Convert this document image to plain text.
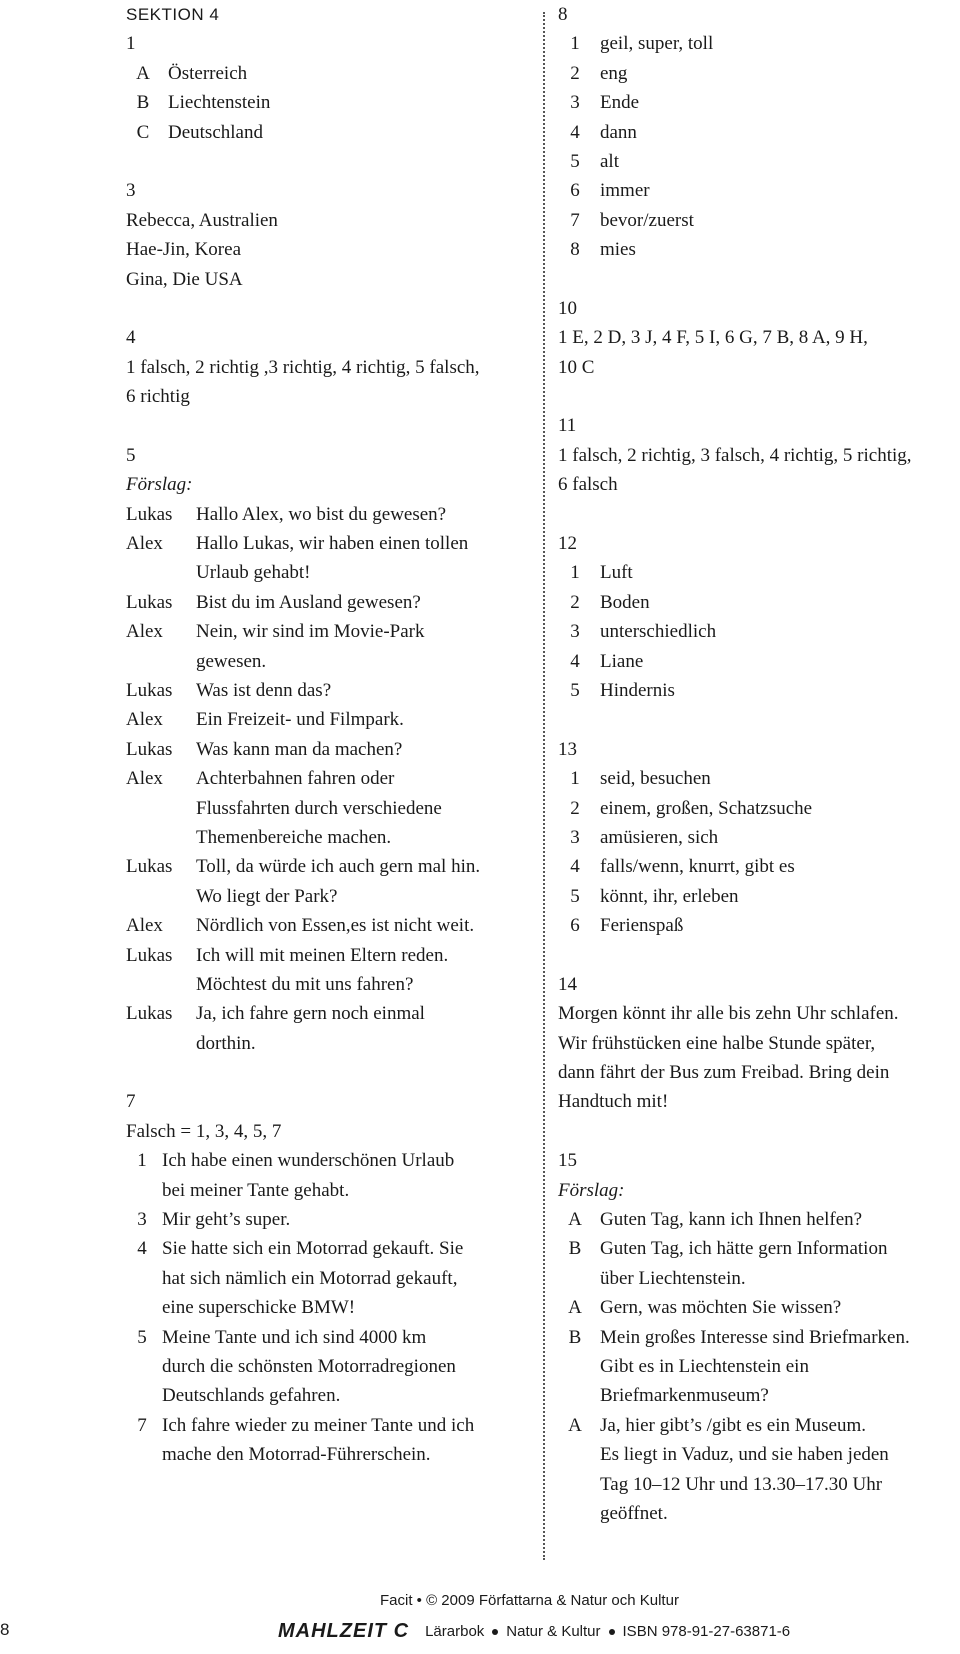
SEKTION 4
1
A Österreich
B Liechtenstein
C Deutschland
3
Rebecca, Australien
Hae-Jin, Korea
Gina, Die USA
4
1 falsch, 2 richtig ,3 richtig, 4 richtig, 5 falsch,
6 richtig
5
Förslag:
Lukas Hallo Alex, wo bist du gewesen?
Alex Hallo Lukas, wir haben einen tollen
Urlaub gehabt!
Lukas Bist du im Ausland gewesen?
Alex Nein, wir sind im Movie-Park
gewesen.
Lukas Was ist denn das?
Alex Ein Freizeit- und Filmpark.
Lukas Was kann man da machen?
Alex Achterbahnen fahren oder
Flussfahrten durch verschiedene
Themenbereiche machen.
Lukas Toll, da würde ich auch gern mal hin.
Wo liegt der Park?
Alex Nördlich von Essen,es ist nicht weit.
Lukas Ich will mit meinen Eltern reden.
Möchtest du mit uns fahren?
Lukas Ja, ich fahre gern noch einmal
dorthin.
7
Falsch = 1, 3, 4, 5, 7
1 Ich habe einen wunderschönen Urlaub
bei meiner Tante gehabt.
3 Mir geht’s super.
4 Sie hatte sich ein Motorrad gekauft. Sie
hat sich nämlich ein Motorrad gekauft,
eine superschicke BMW!
5 Meine Tante und ich sind 4000 km
durch die schönsten Motorradregionen
Deutschlands gefahren.
7 Ich fahre wieder zu meiner Tante und ich
mache den Motorrad-Führerschein.
8
1	geil, super, toll
2	eng
3	Ende
4	dann
5	alt
6	immer
7	bevor/zuerst
8	mies
10
1 E, 2 D, 3 J, 4 F, 5 I, 6 G, 7 B, 8 A, 9 H,
10 C
11
1 falsch, 2 richtig, 3 falsch, 4 richtig, 5 richtig,
6 falsch
12
1	Luft
2	Boden
3	unterschiedlich
4	Liane
5	Hindernis
13
1	seid, besuchen
2	einem, großen, Schatzsuche
3	amüsieren, sich
4	falls/wenn, knurrt, gibt es
5	könnt, ihr, erleben
6	Ferienspaß
14
Morgen könnt ihr alle bis zehn Uhr schlafen.
Wir frühstücken eine halbe Stunde später,
dann fährt der Bus zum Freibad. Bring dein
Handtuch mit!
15
Förslag:
A Guten Tag, kann ich Ihnen helfen?
B Guten Tag, ich hätte gern Information
über Liechtenstein.
A Gern, was möchten Sie wissen?
B Mein großes Interesse sind Briefmarken.
Gibt es in Liechtenstein ein
Briefmarkenmuseum?
A Ja, hier gibt’s /gibt es ein Museum.
Es liegt in Vaduz, und sie haben jeden
Tag 10–12 Uhr und 13.30–17.30 Uhr
geöffnet.
Facit • © 2009 Författarna & Natur och Kultur
MAHLZEIT C Lärarbok Natur & Kultur ISBN 978-91-27-63871-6
8
